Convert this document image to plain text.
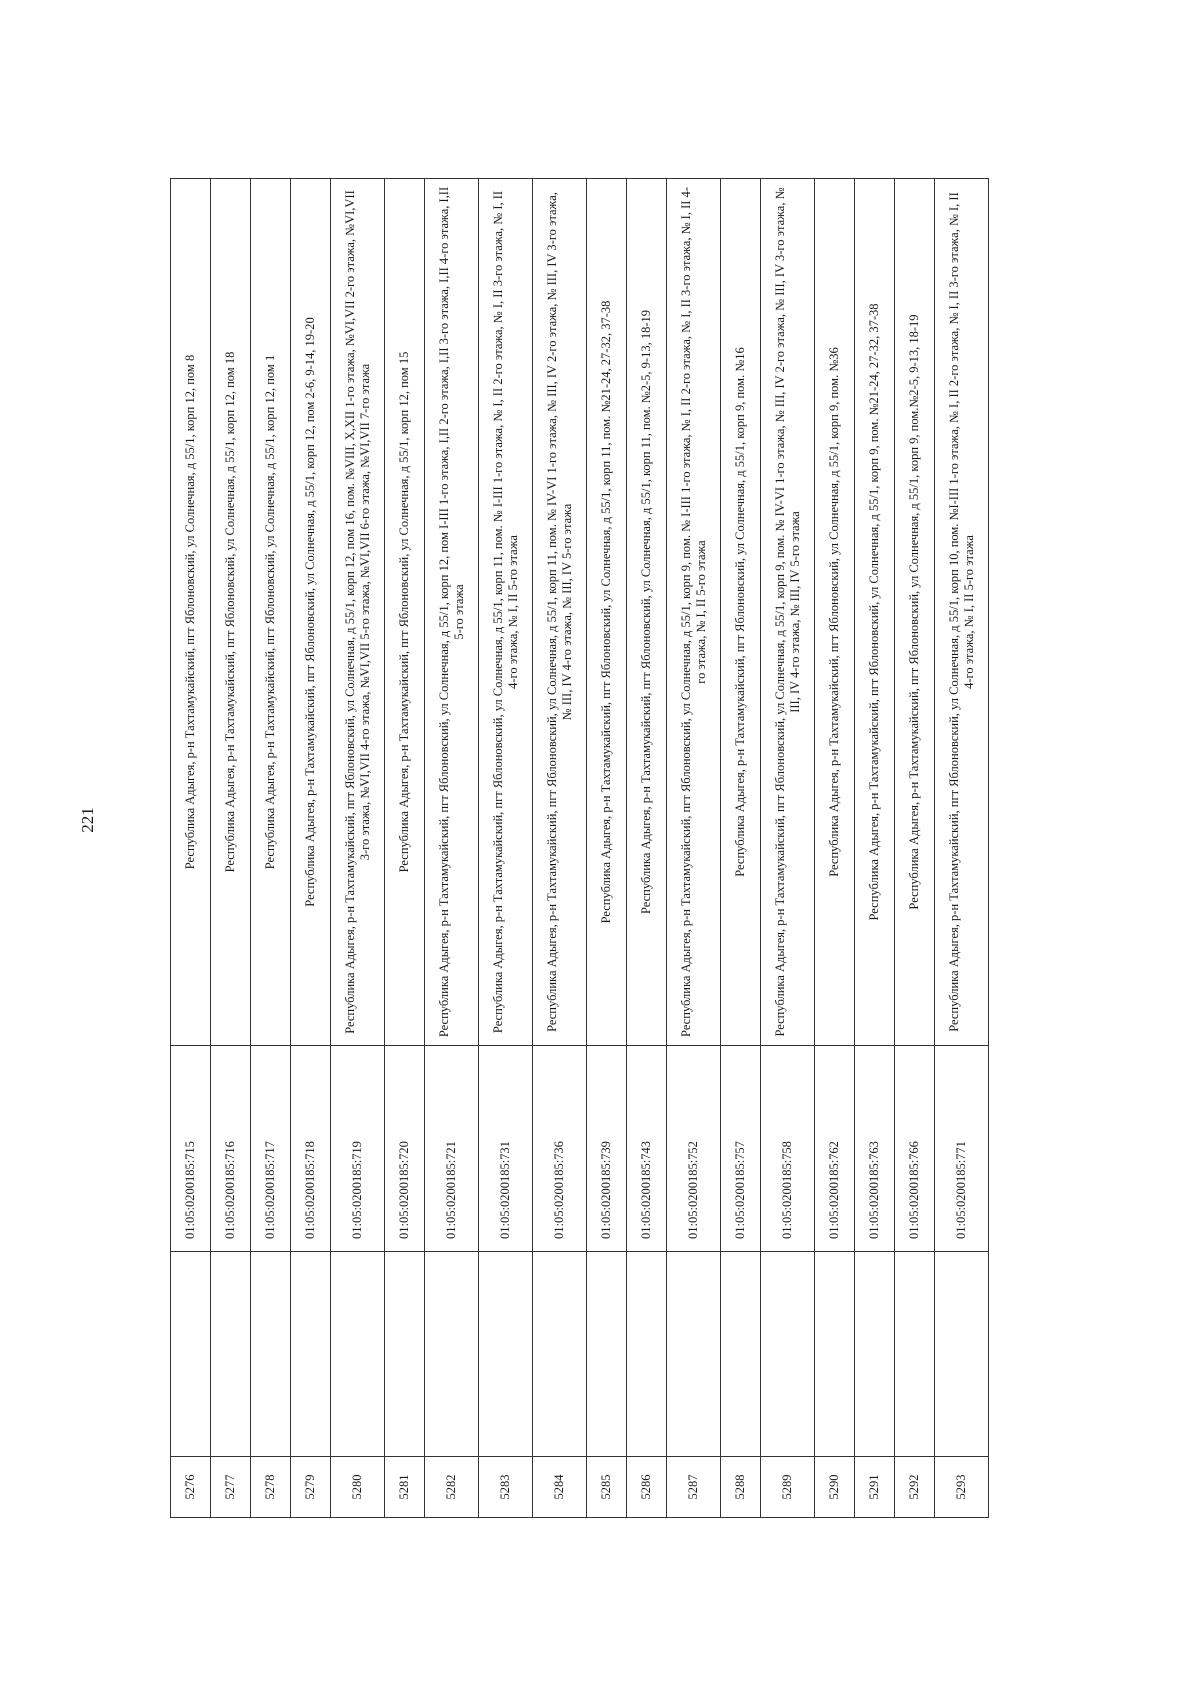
221
5276		01:05:0200185:715	Республика Адыгея, р-н Тахтамукайский, пгт Яблоновский, ул Солнечная, д 55/1, корп 12, пом 8
5277		01:05:0200185:716	Республика Адыгея, р-н Тахтамукайский, пгт Яблоновский, ул Солнечная, д 55/1, корп 12, пом 18
5278		01:05:0200185:717	Республика Адыгея, р-н Тахтамукайский, пгт Яблоновский, ул Солнечная, д 55/1, корп 12, пом 1
5279		01:05:0200185:718	Республика Адыгея, р-н Тахтамукайский, пгт Яблоновский, ул Солнечная, д 55/1, корп 12, пом 2-6, 9-14, 19-20
5280		01:05:0200185:719	Республика Адыгея, р-н Тахтамукайский, пгт Яблоновский, ул Солнечная, д 55/1, корп 12, пом 16, пом. №VIII, X,XII 1-го этажа, №VI,VII 2-го этажа, №VI,VII 3-го этажа, №VI,VII 4-го этажа, №VI,VII 5-го этажа, №VI,VII 6-го этажа, №VI,VII 7-го этажа
5281		01:05:0200185:720	Республика Адыгея, р-н Тахтамукайский, пгт Яблоновский, ул Солнечная, д 55/1, корп 12, пом 15
5282		01:05:0200185:721	Республика Адыгея, р-н Тахтамукайский, пгт Яблоновский, ул Солнечная, д 55/1, корп 12, пом I-III 1-го этажа, I,II 2-го этажа, I,II 3-го этажа, I,II 4-го этажа, I,II 5-го этажа
5283		01:05:0200185:731	Республика Адыгея, р-н Тахтамукайский, пгт Яблоновский, ул Солнечная, д 55/1, корп 11, пом. № I-III 1-го этажа, № I, II 2-го этажа, № I, II 3-го этажа, № I, II 4-го этажа, № I, II 5-го этажа
5284		01:05:0200185:736	Республика Адыгея, р-н Тахтамукайский, пгт Яблоновский, ул Солнечная, д 55/1, корп 11, пом. № IV-VI 1-го этажа, № III, IV 2-го этажа, № III, IV 3-го этажа, № III, IV 4-го этажа, № III, IV 5-го этажа
5285		01:05:0200185:739	Республика Адыгея, р-н Тахтамукайский, пгт Яблоновский, ул Солнечная, д 55/1, корп 11, пом. №21-24, 27-32, 37-38
5286		01:05:0200185:743	Республика Адыгея, р-н Тахтамукайский, пгт Яблоновский, ул Солнечная, д 55/1, корп 11, пом. №2-5, 9-13, 18-19
5287		01:05:0200185:752	Республика Адыгея, р-н Тахтамукайский, пгт Яблоновский, ул Солнечная, д 55/1, корп 9, пом. № I-III 1-го этажа, № I, II 2-го этажа, № I, II 3-го этажа, № I, II 4-го этажа, № I, II 5-го этажа
5288		01:05:0200185:757	Республика Адыгея, р-н Тахтамукайский, пгт Яблоновский, ул Солнечная, д 55/1, корп 9, пом. №16
5289		01:05:0200185:758	Республика Адыгея, р-н Тахтамукайский, пгт Яблоновский, ул Солнечная, д 55/1, корп 9, пом. № IV-VI 1-го этажа, № III, IV 2-го этажа, № III, IV 3-го этажа, № III, IV 4-го этажа, № III, IV 5-го этажа
5290		01:05:0200185:762	Республика Адыгея, р-н Тахтамукайский, пгт Яблоновский, ул Солнечная, д 55/1, корп 9, пом. №36
5291		01:05:0200185:763	Республика Адыгея, р-н Тахтамукайский, пгт Яблоновский, ул Солнечная, д 55/1, корп 9, пом. №21-24, 27-32, 37-38
5292		01:05:0200185:766	Республика Адыгея, р-н Тахтамукайский, пгт Яблоновский, ул Солнечная, д 55/1, корп 9, пом.№2-5, 9-13, 18-19
5293		01:05:0200185:771	Республика Адыгея, р-н Тахтамукайский, пгт Яблоновский, ул Солнечная, д 55/1, корп 10, пом. №I-III 1-го этажа, № I, II 2-го этажа, № I, II 3-го этажа, № I, II 4-го этажа, № I, II 5-го этажа
